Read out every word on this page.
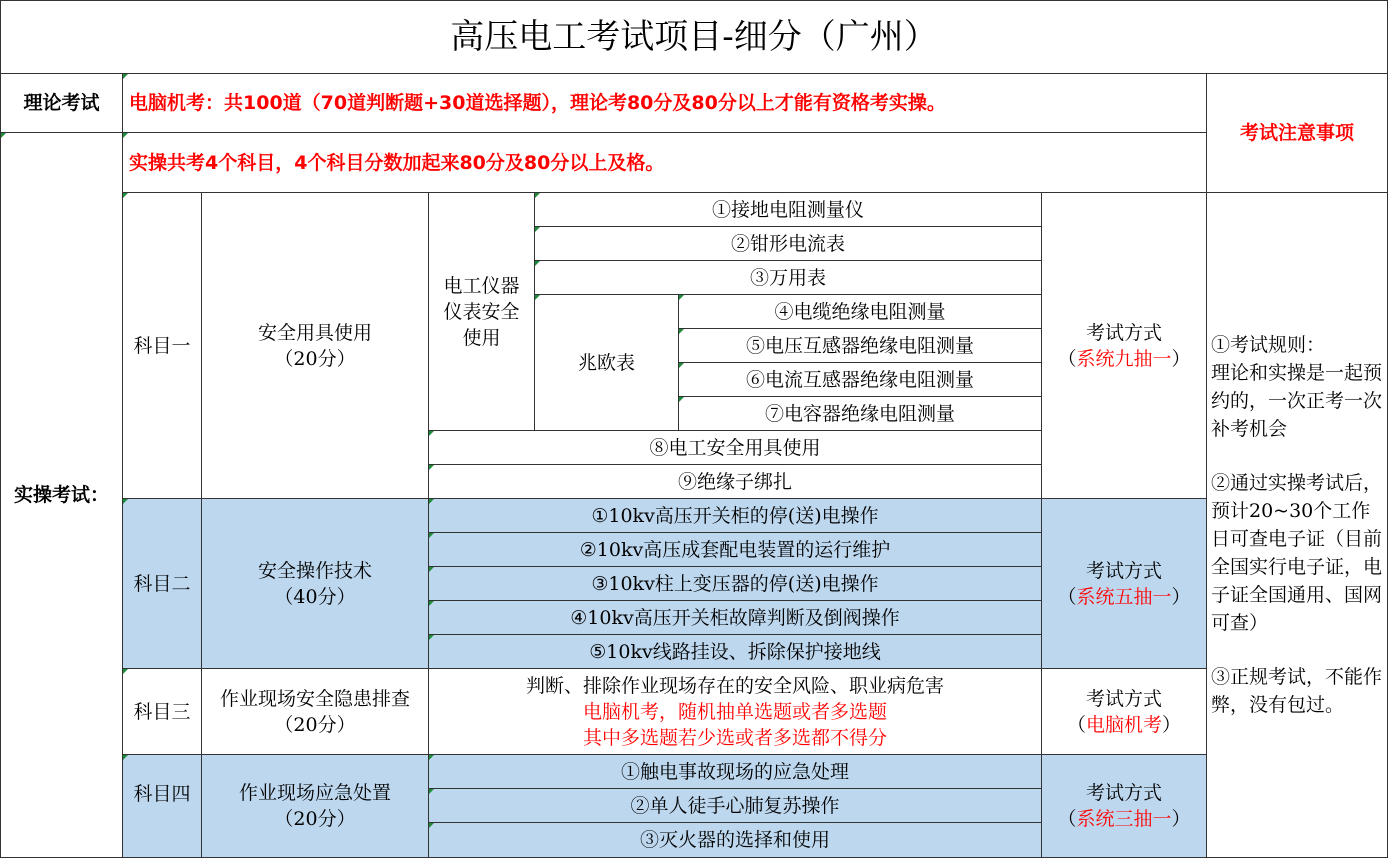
高压电工考试项目-细分（广州）
理论考试	电脑机考：共100道（70道判断题+30道选择题），理论考80分及80分以上才能有资格考实操。
考试注意事项
实操考试：
实操共考4个科目，4个科目分数加起来80分及80分以上及格。
①考试规则：
理论和实操是一起预约的，一次正考一次补考机会
②通过实操考试后，预计20~30个工作日可查电子证（目前全国实行电子证，电子证全国通用、国网可查）
③正规考试，不能作弊，没有包过。
科目一
安全用具使用
（20分）
电工仪器仪表安全使用
①接地电阻测量仪
②钳形电流表
③万用表
兆欧表
④电缆绝缘电阻测量
⑤电压互感器绝缘电阻测量
⑥电流互感器绝缘电阻测量
⑦电容器绝缘电阻测量
⑧电工安全用具使用
⑨绝缘子绑扎
考试方式
（系统九抽一）
科目二
安全操作技术
（40分）
①10kv高压开关柜的停(送)电操作
②10kv高压成套配电装置的运行维护
③10kv柱上变压器的停(送)电操作
④10kv高压开关柜故障判断及倒阀操作
⑤10kv线路挂设、拆除保护接地线
考试方式
（系统五抽一）
科目三
作业现场安全隐患排查
（20分）
判断、排除作业现场存在的安全风险、职业病危害
电脑机考，随机抽单选题或者多选题
其中多选题若少选或者多选都不得分
考试方式
（电脑机考）
科目四	作业现场应急处置
（20分）
①触电事故现场的应急处理
②单人徒手心肺复苏操作
③灭火器的选择和使用
考试方式
（系统三抽一）
